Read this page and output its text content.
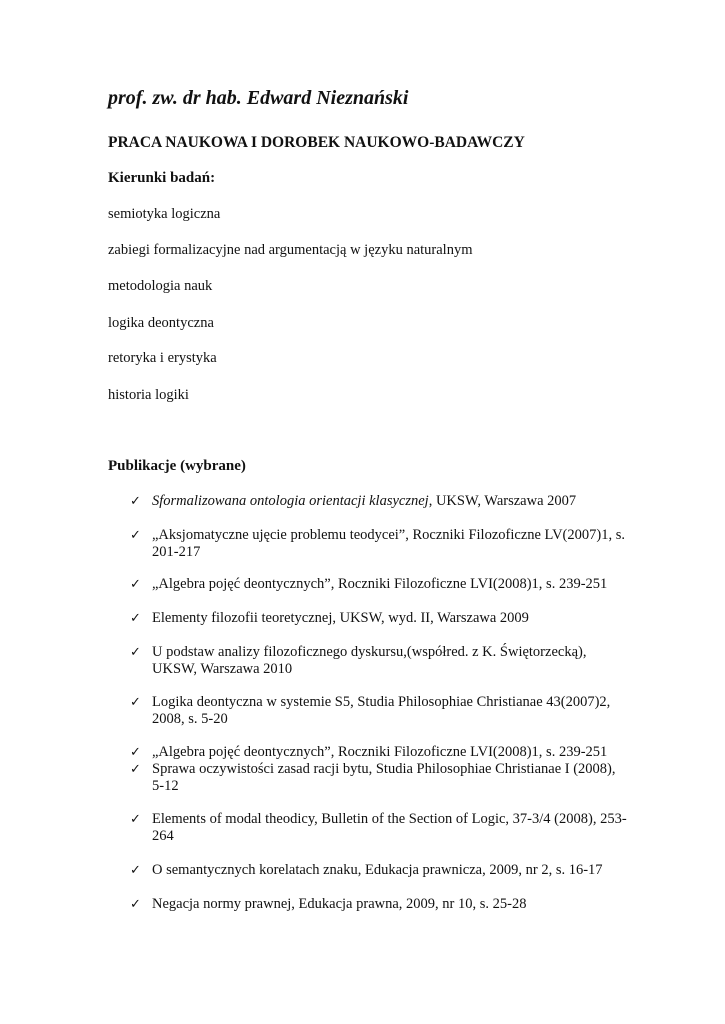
prof. zw. dr hab. Edward Nieznański
PRACA NAUKOWA I DOROBEK NAUKOWO-BADAWCZY
Kierunki badań:
semiotyka logiczna
zabiegi formalizacyjne nad argumentacją w języku naturalnym
metodologia nauk
logika deontyczna
retoryka i erystyka
historia logiki
Publikacje (wybrane)
✓ Sformalizowana ontologia orientacji klasycznej, UKSW, Warszawa 2007
✓ „Aksjomatyczne ujęcie problemu teodycei”, Roczniki Filozoficzne LV(2007)1, s. 201-217
✓ „Algebra pojęć deontycznych”, Roczniki Filozoficzne LVI(2008)1, s. 239-251
✓ Elementy filozofii teoretycznej, UKSW, wyd. II, Warszawa 2009
✓ U podstaw analizy filozoficznego dyskursu,(współred. z K. Świętorzecką), UKSW, Warszawa 2010
✓ Logika deontyczna w systemie S5, Studia Philosophiae Christianae 43(2007)2, 2008, s. 5-20
✓ „Algebra pojęć deontycznych”, Roczniki Filozoficzne LVI(2008)1, s. 239-251
✓ Sprawa oczywistości zasad racji bytu, Studia Philosophiae Christianae I (2008), 5-12
✓ Elements of modal theodicy, Bulletin of the Section of Logic, 37-3/4 (2008), 253-264
✓ O semantycznych korelatach znaku, Edukacja prawnicza, 2009, nr 2, s. 16-17
✓ Negacja normy prawnej, Edukacja prawna, 2009, nr 10, s. 25-28
